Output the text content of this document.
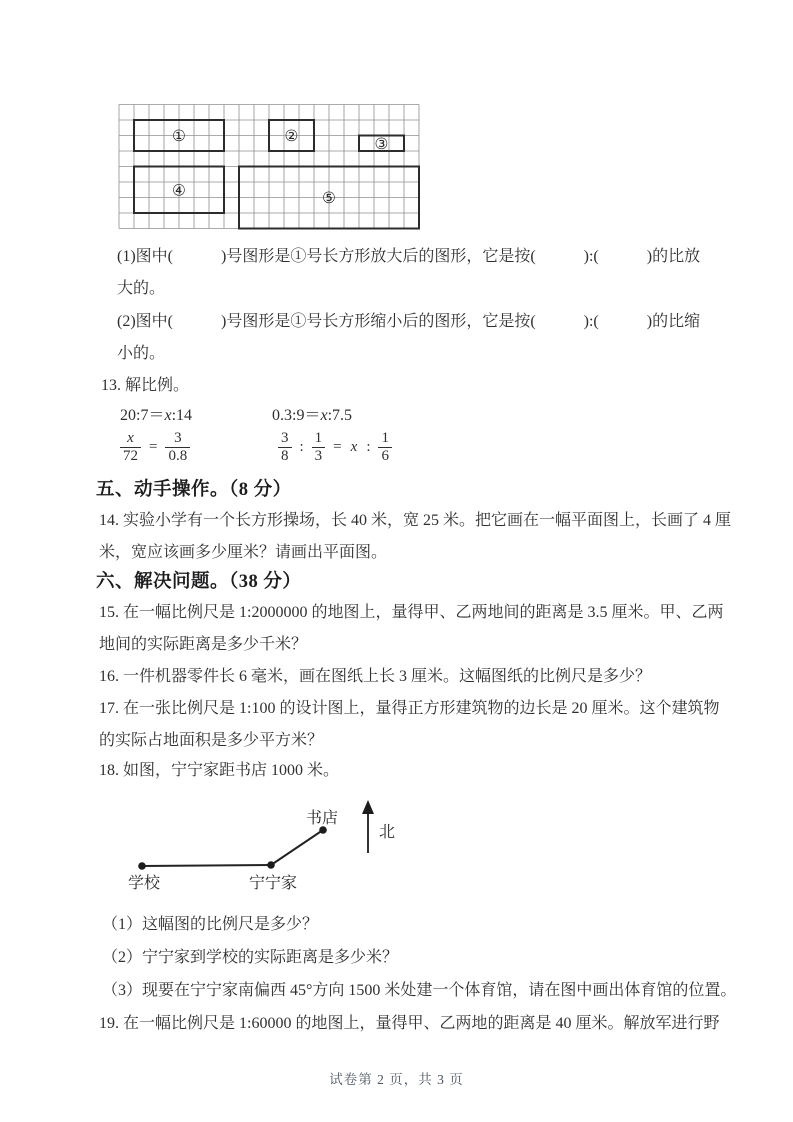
①	②	③
④	⑤
(1)图中(　　　)号图形是①号长方形放大后的图形，它是按(　　　):(　　　)的比放
大的。
(2)图中(　　　)号图形是①号长方形缩小后的图形，它是按(　　　):(　　　)的比缩
小的。
13. 解比例。
20:7＝x:14	0.3:9＝x:7.5
$\frac{x}{72} = \frac{3}{0.8}$	$\frac{3}{8}$ : $\frac{1}{3} = x$ : $\frac{1}{6}$
五、动手操作。（8 分）
14. 实验小学有一个长方形操场，长 40 米，宽 25 米。把它画在一幅平面图上，长画了 4 厘
米，宽应该画多少厘米？请画出平面图。
六、解决问题。（38 分）
15. 在一幅比例尺是 1:2000000 的地图上，量得甲、乙两地间的距离是 3.5 厘米。甲、乙两
地间的实际距离是多少千米？
16. 一件机器零件长 6 毫米，画在图纸上长 3 厘米。这幅图纸的比例尺是多少？
17. 在一张比例尺是 1:100 的设计图上，量得正方形建筑物的边长是 20 厘米。这个建筑物
的实际占地面积是多少平方米？
18. 如图，宁宁家距书店 1000 米。
书店
北
学校	宁宁家
（1）这幅图的比例尺是多少？
（2）宁宁家到学校的实际距离是多少米？
（3）现要在宁宁家南偏西 45°方向 1500 米处建一个体育馆，请在图中画出体育馆的位置。
19. 在一幅比例尺是 1:60000 的地图上，量得甲、乙两地的距离是 40 厘米。解放军进行野
试卷第 2 页，共 3 页
